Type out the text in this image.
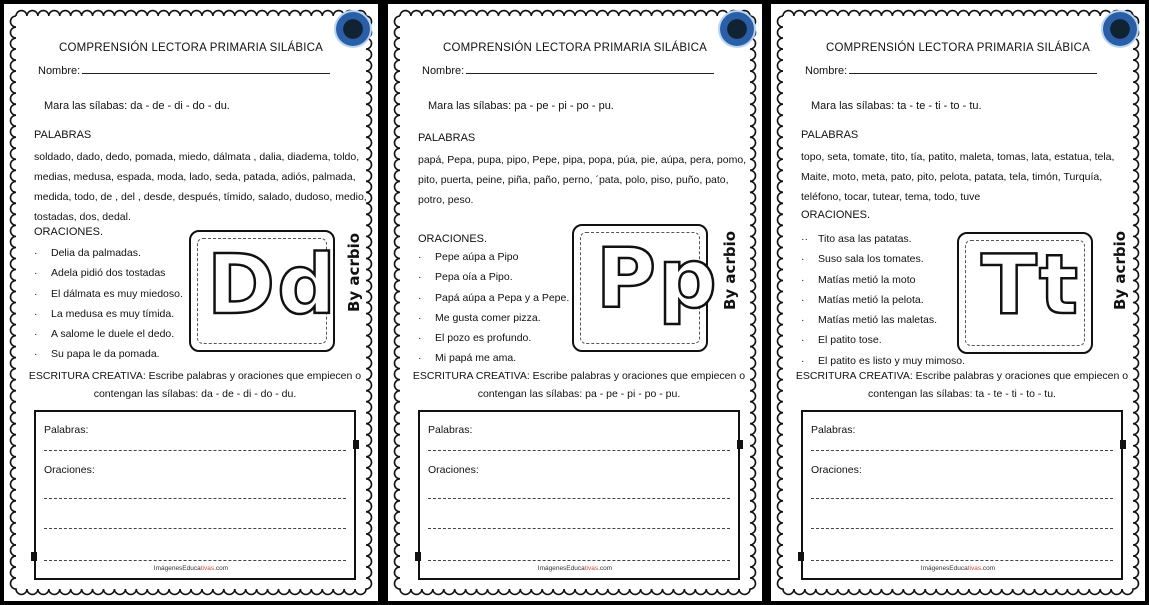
COMPRENSIÓN LECTORA PRIMARIA SILÁBICA
Nombre:
Mara las sílabas: da - de - di - do - du.
PALABRAS
soldado, dado, dedo, pomada, miedo, dálmata , dalia, diadema, toldo,
medias, medusa, espada, moda, lado, seda, patada, adiós, palmada,
medida, todo, de , del , desde, después, tímido, salado, dudoso, medio,
tostadas, dos, dedal.
ORACIONES.
· Delia da palmadas.
· Adela pidió dos tostadas
· El dálmata es muy miedoso.
· La medusa es muy tímida.
· A salome le duele el dedo.
· Su papa le da pomada.
Dd By acrbio
ESCRITURA CREATIVA: Escribe palabras y oraciones que empiecen o
contengan las sílabas: da - de - di - do - du.
Palabras:
Oraciones:
ImágenesEducativas.com
COMPRENSIÓN LECTORA PRIMARIA SILÁBICA
Nombre:
Mara las sílabas: pa - pe - pi - po - pu.
PALABRAS
papá, Pepa, pupa, pipo, Pepe, pipa, popa, púa, pie, aúpa, pera, pomo,
pito, puerta, peine, piña, paño, perno, ´pata, polo, piso, puño, pato,
potro, peso.
ORACIONES.
· Pepe aúpa a Pipo
· Pepa oía a Pipo.
· Papá aúpa a Pepa y a Pepe.
· Me gusta comer pizza.
· El pozo es profundo.
· Mi papá me ama.
Pp By acrbio
ESCRITURA CREATIVA: Escribe palabras y oraciones que empiecen o
contengan las sílabas: pa - pe - pi - po - pu.
Palabras:
Oraciones:
ImágenesEducativas.com
COMPRENSIÓN LECTORA PRIMARIA SILÁBICA
Nombre:
Mara las sílabas: ta - te - ti - to - tu.
PALABRAS
topo, seta, tomate, tito, tía, patito, maleta, tomas, lata, estatua, tela,
Maite, moto, meta, pato, pito, pelota, patata, tela, timón, Turquía,
teléfono, tocar, tutear, tema, todo, tuve
ORACIONES.
·· Tito asa las patatas.
· Suso sala los tomates.
· Matías metió la moto
· Matías metió la pelota.
· Matías metió las maletas.
· El patito tose.
· El patito es listo y muy mimoso.
Tt By acrbio
ESCRITURA CREATIVA: Escribe palabras y oraciones que empiecen o
contengan las sílabas: ta - te - ti - to - tu.
Palabras:
Oraciones:
ImágenesEducativas.com
